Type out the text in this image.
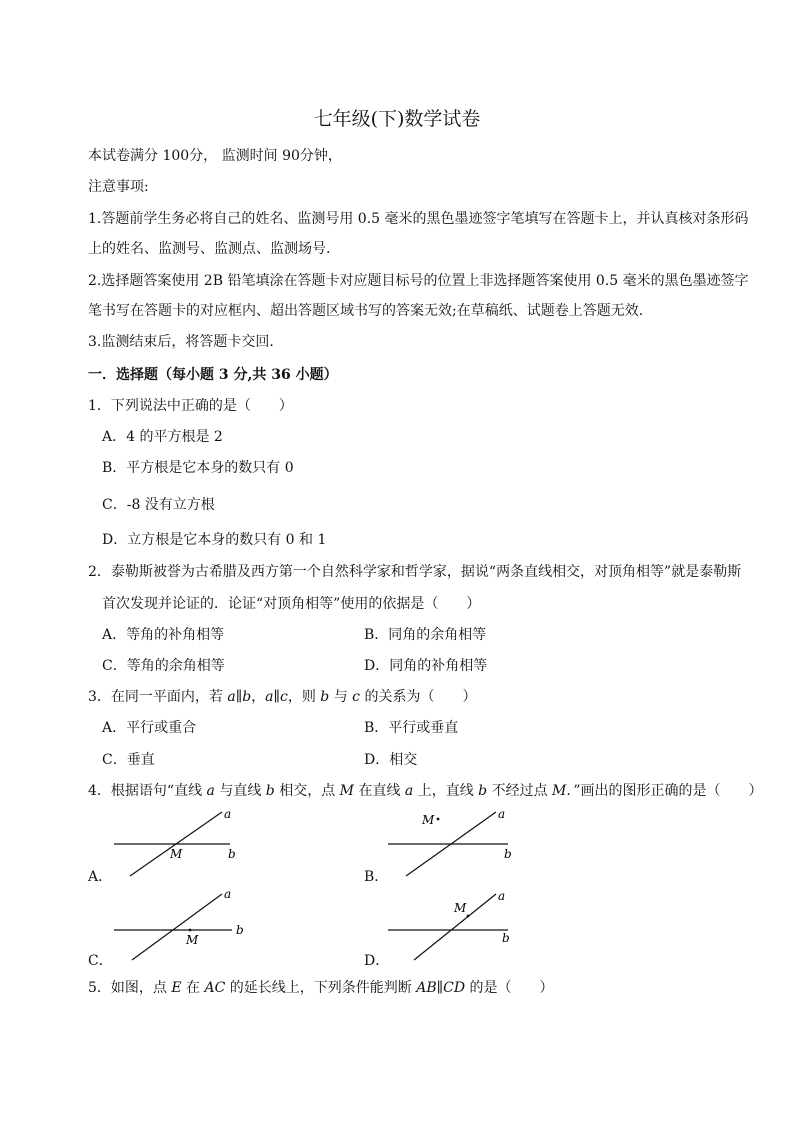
七年级(下)数学试卷
本试卷满分 100分， 监测时间 90分钟，
注意事项:
1.答题前学生务必将自己的姓名、监测号用 0.5 毫米的黑色墨迹签字笔填写在答题卡上，并认真核对条形码
上的姓名、监测号、监测点、监测场号.
2.选择题答案使用 2B 铅笔填涂在答题卡对应题目标号的位置上非选择题答案使用 0.5 毫米的黑色墨迹签字
笔书写在答题卡的对应框内、超出答题区域书写的答案无效;在草稿纸、试题卷上答题无效.
3.监测结束后，将答题卡交回.
一．选择题（每小题 3 分,共 36 小题）
1．下列说法中正确的是（　　）
A．4 的平方根是 2
B．平方根是它本身的数只有 0
C．-8 没有立方根
D．立方根是它本身的数只有 0 和 1
2．泰勒斯被誉为古希腊及西方第一个自然科学家和哲学家，据说“两条直线相交，对顶角相等”就是泰勒斯
首次发现并论证的．论证“对顶角相等”使用的依据是（　　）
A．等角的补角相等	B．同角的余角相等
C．等角的余角相等	D．同角的补角相等
3．在同一平面内，若 a∥b，a∥c，则 b 与 c 的关系为（　　）
A．平行或重合	B．平行或垂直
C．垂直	D．相交
4．根据语句“直线 a 与直线 b 相交，点 M 在直线 a 上，直线 b 不经过点 M．”画出的图形正确的是（　　）
A．
a
b
M
B．
a
b
M
C．
a
b
M
D．
a
b
M
5．如图，点 E 在 AC 的延长线上，下列条件能判断 AB∥CD 的是（　　）
